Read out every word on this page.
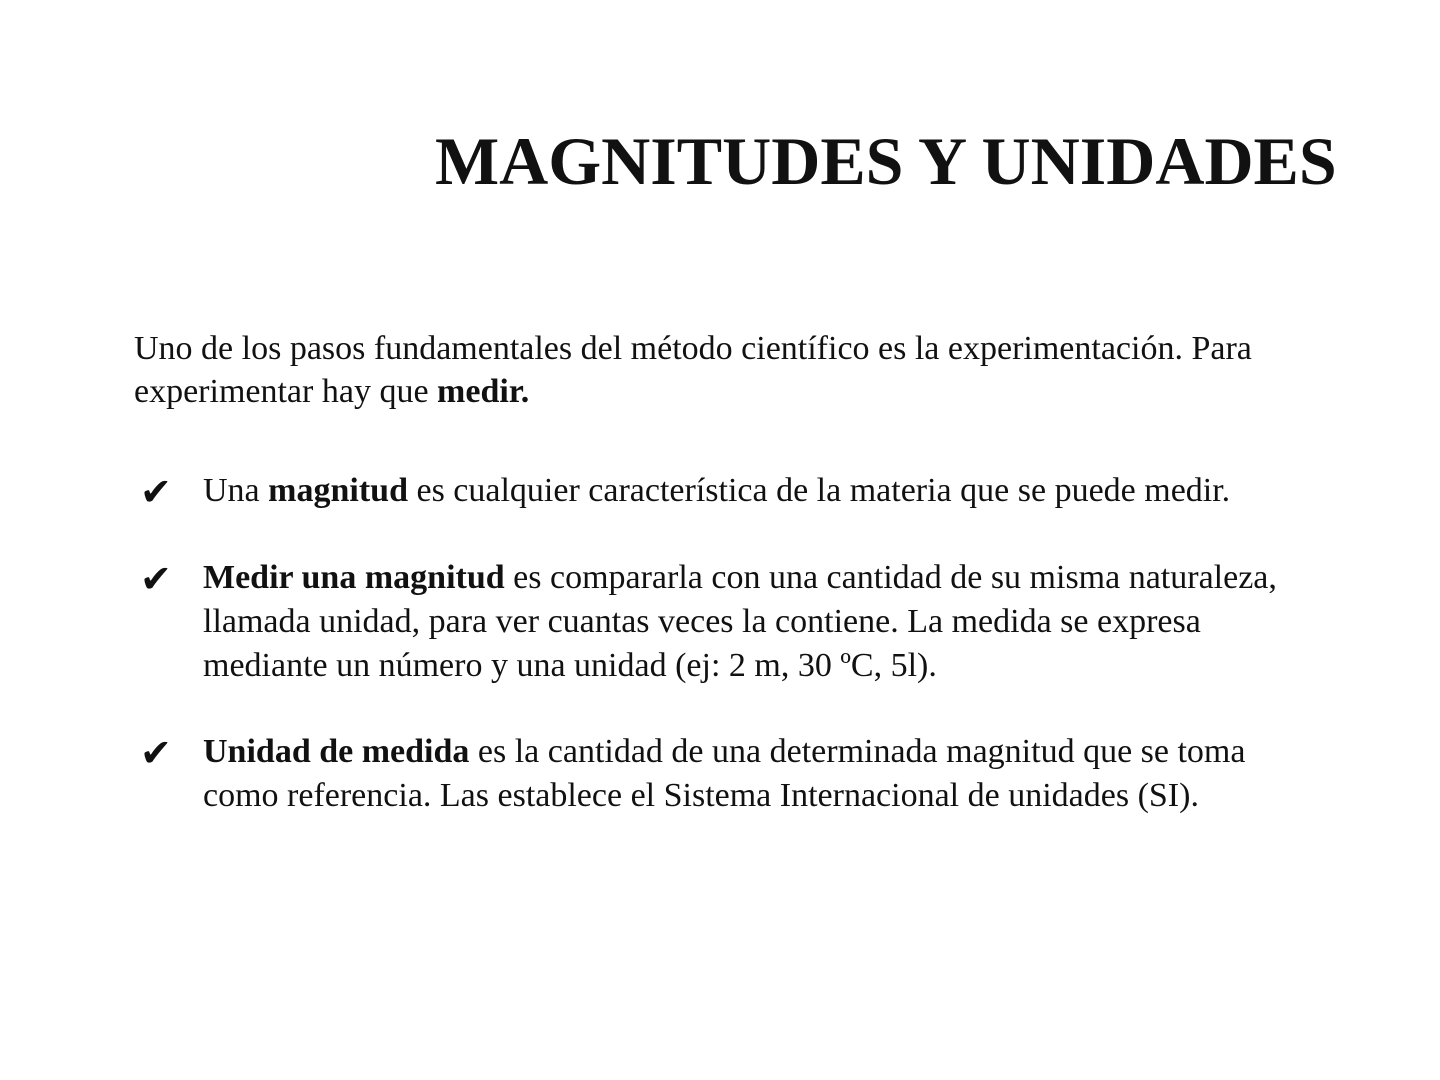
MAGNITUDES Y UNIDADES
Uno de los pasos fundamentales del método científico es la experimentación. Para
experimentar hay que medir.
✔ Una magnitud es cualquier característica de la materia que se puede medir.
✔ Medir una magnitud es compararla con una cantidad de su misma naturaleza,
llamada unidad, para ver cuantas veces la contiene. La medida se expresa
mediante un número y una unidad (ej: 2 m, 30 ºC, 5l).
✔ Unidad de medida es la cantidad de una determinada magnitud que se toma
como referencia. Las establece el Sistema Internacional de unidades (SI).
